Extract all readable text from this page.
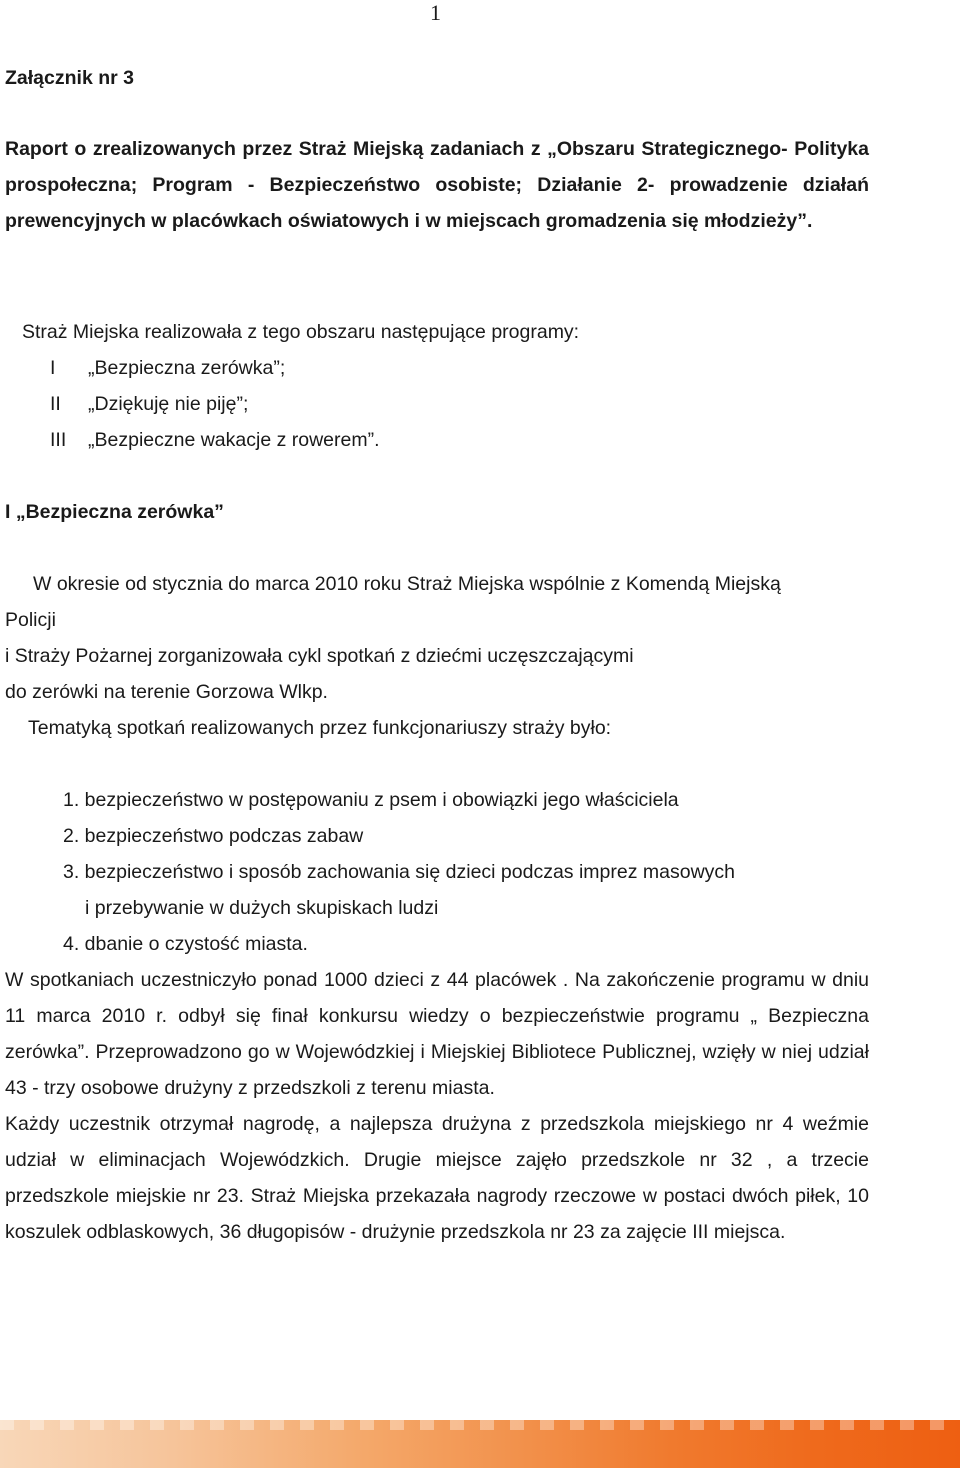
1
Załącznik nr 3
Raport o zrealizowanych przez Straż Miejską zadaniach z „Obszaru Strategicznego- Polityka prospołeczna; Program - Bezpieczeństwo osobiste; Działanie 2- prowadzenie działań prewencyjnych w placówkach oświatowych i w miejscach gromadzenia się młodzieży”.
Straż Miejska realizowała z tego obszaru następujące programy:
I „Bezpieczna zerówka”;
II „Dziękuję nie piję”;
III „Bezpieczne wakacje z rowerem”.
I „Bezpieczna zerówka”
W okresie od stycznia do marca 2010 roku Straż Miejska wspólnie z Komendą Miejską
Policji
i Straży Pożarnej zorganizowała cykl spotkań z dziećmi uczęszczającymi
do zerówki na terenie Gorzowa Wlkp.
Tematyką spotkań realizowanych przez funkcjonariuszy straży było:
1. bezpieczeństwo w postępowaniu z psem i obowiązki jego właściciela
2. bezpieczeństwo podczas zabaw
3. bezpieczeństwo i sposób zachowania się dzieci podczas imprez masowych
i przebywanie w dużych skupiskach ludzi
4. dbanie o czystość miasta.
W spotkaniach uczestniczyło ponad 1000 dzieci z 44 placówek . Na zakończenie programu w dniu 11 marca 2010 r. odbył się finał konkursu wiedzy o bezpieczeństwie programu „ Bezpieczna zerówka”. Przeprowadzono go w Wojewódzkiej i Miejskiej Bibliotece Publicznej, wzięły w niej udział 43 - trzy osobowe drużyny z przedszkoli z terenu miasta.
Każdy uczestnik otrzymał nagrodę, a najlepsza drużyna z przedszkola miejskiego nr 4 weźmie udział w eliminacjach Wojewódzkich. Drugie miejsce zajęło przedszkole nr 32 , a trzecie przedszkole miejskie nr 23. Straż Miejska przekazała nagrody rzeczowe w postaci dwóch piłek, 10 koszulek odblaskowych, 36 długopisów - drużynie przedszkola nr 23 za zajęcie III miejsca.
